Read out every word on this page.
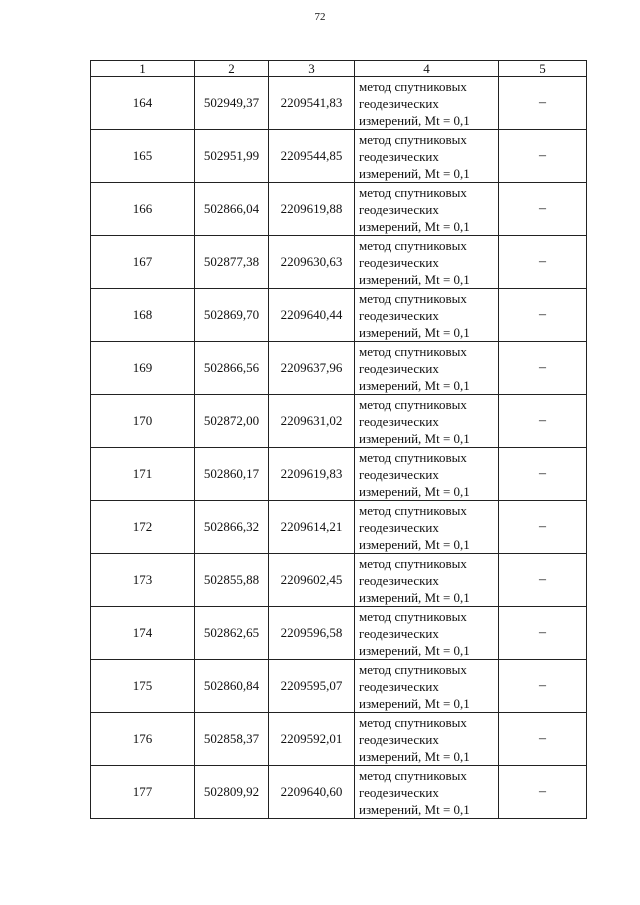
72
1	2	3	4	5
164	502949,37	2209541,83	метод спутниковых
геодезических
измерений, Mt = 0,1	–
165	502951,99	2209544,85	метод спутниковых
геодезических
измерений, Mt = 0,1	–
166	502866,04	2209619,88	метод спутниковых
геодезических
измерений, Mt = 0,1	–
167	502877,38	2209630,63	метод спутниковых
геодезических
измерений, Mt = 0,1	–
168	502869,70	2209640,44	метод спутниковых
геодезических
измерений, Mt = 0,1	–
169	502866,56	2209637,96	метод спутниковых
геодезических
измерений, Mt = 0,1	–
170	502872,00	2209631,02	метод спутниковых
геодезических
измерений, Mt = 0,1	–
171	502860,17	2209619,83	метод спутниковых
геодезических
измерений, Mt = 0,1	–
172	502866,32	2209614,21	метод спутниковых
геодезических
измерений, Mt = 0,1	–
173	502855,88	2209602,45	метод спутниковых
геодезических
измерений, Mt = 0,1	–
174	502862,65	2209596,58	метод спутниковых
геодезических
измерений, Mt = 0,1	–
175	502860,84	2209595,07	метод спутниковых
геодезических
измерений, Mt = 0,1	–
176	502858,37	2209592,01	метод спутниковых
геодезических
измерений, Mt = 0,1	–
177	502809,92	2209640,60	метод спутниковых
геодезических
измерений, Mt = 0,1	–
